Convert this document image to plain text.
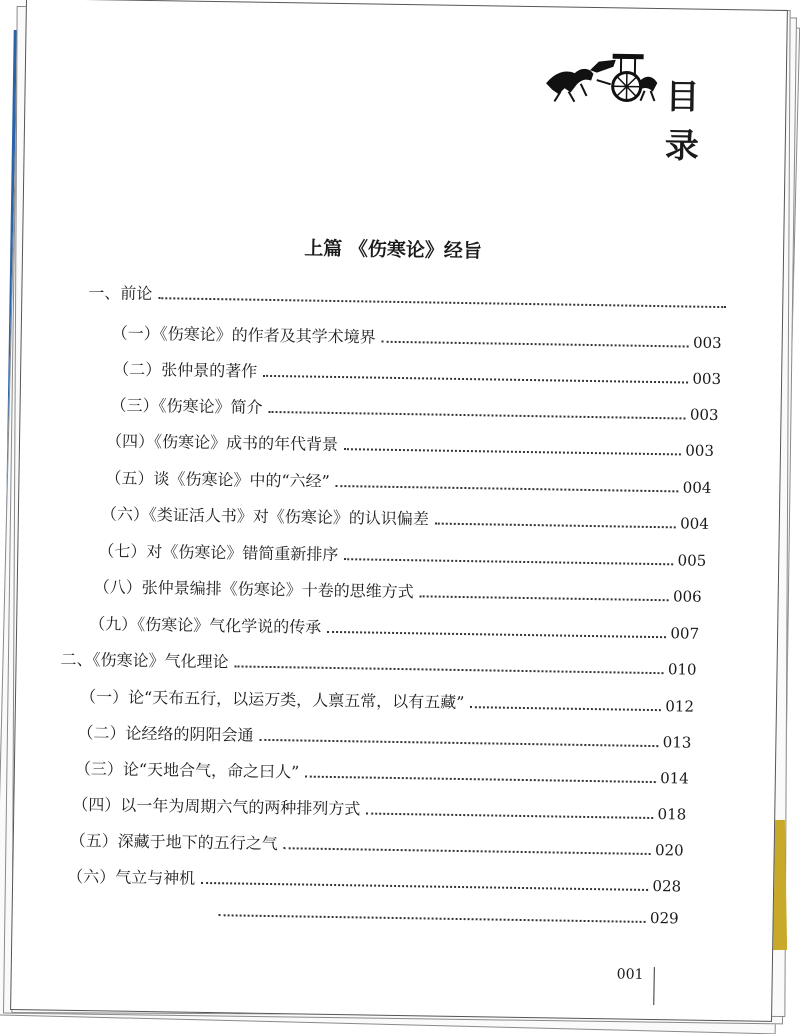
目 录
上篇 《伤寒论》经旨
一、前论
（一）《伤寒论》的作者及其学术境界	003
（二）张仲景的著作	003
（三）《伤寒论》简介	003
（四）《伤寒论》成书的年代背景	003
（五）谈《伤寒论》中的“六经”	004
（六）《类证活人书》对《伤寒论》的认识偏差	004
（七）对《伤寒论》错简重新排序	005
（八）张仲景编排《伤寒论》十卷的思维方式	006
（九）《伤寒论》气化学说的传承	007
二、《伤寒论》气化理论	010
（一）论“天布五行，以运万类，人禀五常，以有五藏”	012
（二）论经络的阴阳会通	013
（三）论“天地合气，命之曰人”	014
（四）以一年为周期六气的两种排列方式	018
（五）深藏于地下的五行之气	020
（六）气立与神机	028
029
001
